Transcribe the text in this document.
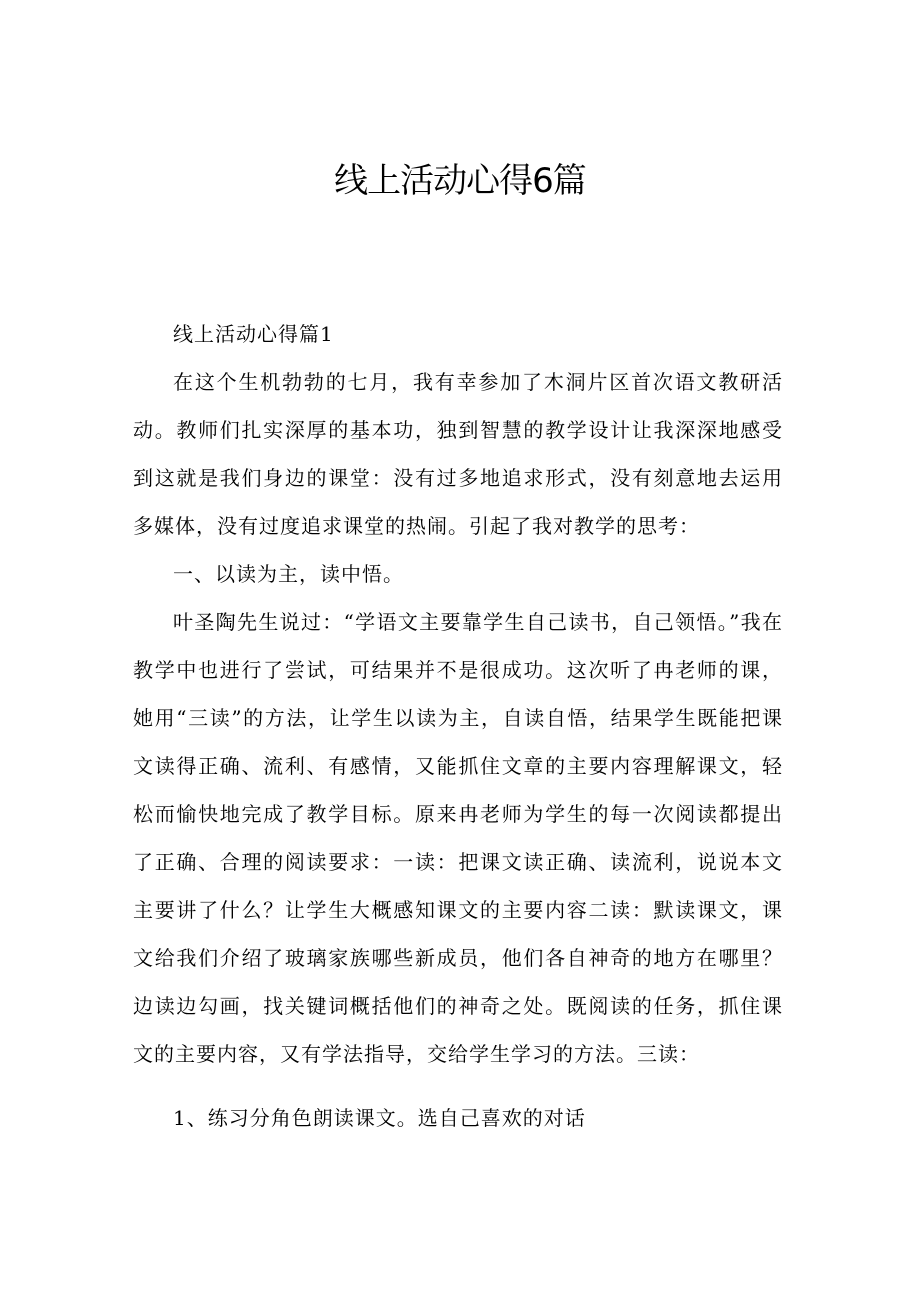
线上活动心得6篇

线上活动心得篇1

在这个生机勃勃的七月，我有幸参加了木洞片区首次语文教研活动。教师们扎实深厚的基本功，独到智慧的教学设计让我深深地感受到这就是我们身边的课堂：没有过多地追求形式，没有刻意地去运用多媒体，没有过度追求课堂的热闹。引起了我对教学的思考：

一、以读为主，读中悟。

叶圣陶先生说过：“学语文主要靠学生自己读书，自己领悟。”我在教学中也进行了尝试，可结果并不是很成功。这次听了冉老师的课，她用“三读”的方法，让学生以读为主，自读自悟，结果学生既能把课文读得正确、流利、有感情，又能抓住文章的主要内容理解课文，轻松而愉快地完成了教学目标。原来冉老师为学生的每一次阅读都提出了正确、合理的阅读要求：一读：把课文读正确、读流利，说说本文主要讲了什么？让学生大概感知课文的主要内容二读：默读课文，课文给我们介绍了玻璃家族哪些新成员，他们各自神奇的地方在哪里？边读边勾画，找关键词概括他们的神奇之处。既阅读的任务，抓住课文的主要内容，又有学法指导，交给学生学习的方法。三读：

1、练习分角色朗读课文。选自己喜欢的对话
